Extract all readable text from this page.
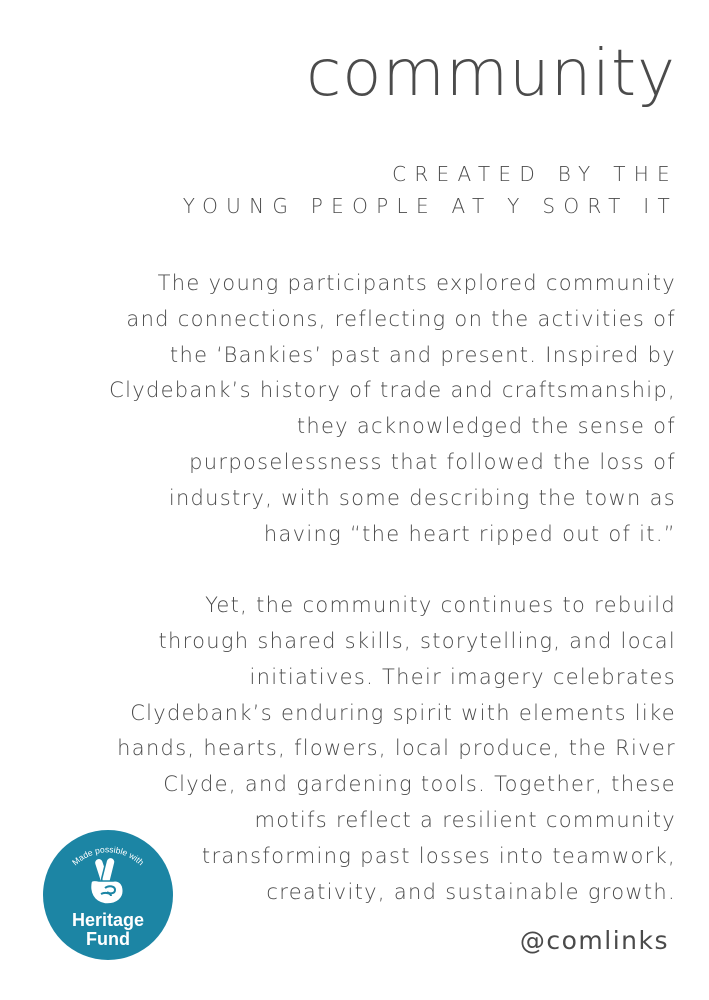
community
CREATED BY THE
YOUNG PEOPLE AT Y SORT IT
The young participants explored community
and connections, reflecting on the activities of
the ‘Bankies’ past and present. Inspired by
Clydebank’s history of trade and craftsmanship,
they acknowledged the sense of
purposelessness that followed the loss of
industry, with some describing the town as
having “the heart ripped out of it.”
Yet, the community continues to rebuild
through shared skills, storytelling, and local
initiatives. Their imagery celebrates
Clydebank’s enduring spirit with elements like
hands, hearts, flowers, local produce, the River
Clyde, and gardening tools. Together, these
motifs reflect a resilient community
transforming past losses into teamwork,
creativity, and sustainable growth.
Made possible with
Heritage
Fund	@comlinks
